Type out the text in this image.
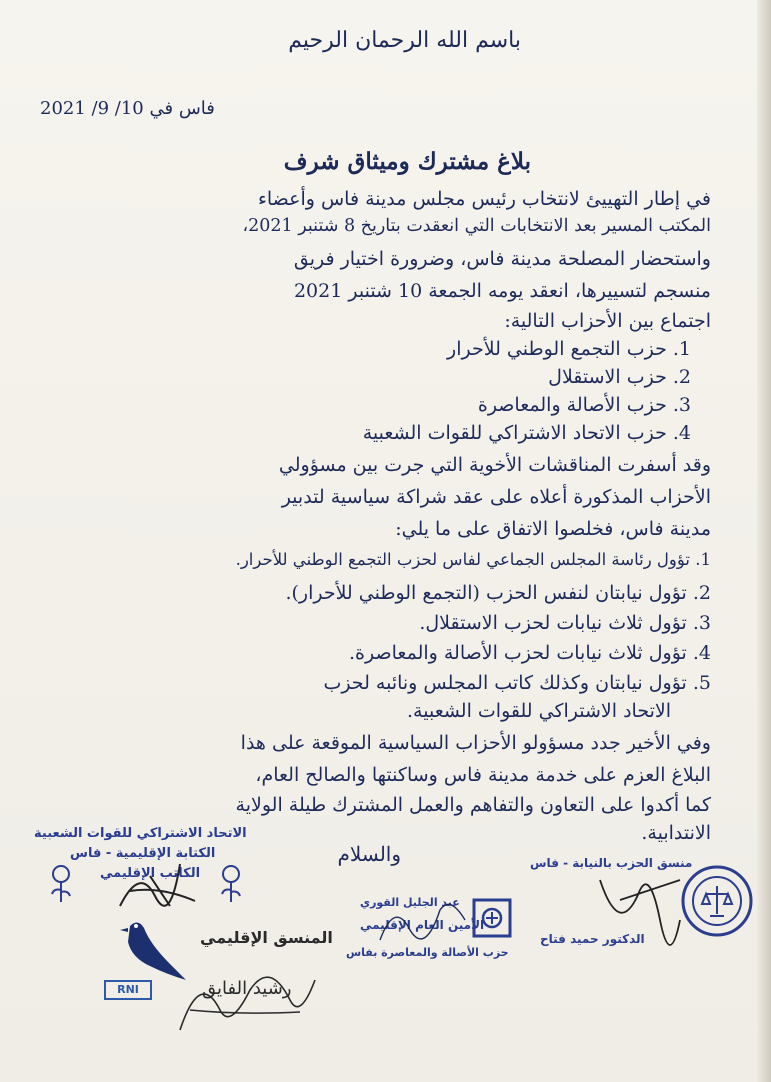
باسم الله الرحمان الرحيم
فاس في 10/ 9/ 2021
بلاغ مشترك وميثاق شرف
في إطار التهييئ لانتخاب رئيس مجلس مدينة فاس وأعضاء
المكتب المسير بعد الانتخابات التي انعقدت بتاريخ 8 شتنبر 2021،
واستحضار المصلحة مدينة فاس، وضرورة اختيار فريق
منسجم لتسييرها، انعقد يومه الجمعة 10 شتنبر 2021
اجتماع بين الأحزاب التالية:
1. حزب التجمع الوطني للأحرار
2. حزب الاستقلال
3. حزب الأصالة والمعاصرة
4. حزب الاتحاد الاشتراكي للقوات الشعبية
وقد أسفرت المناقشات الأخوية التي جرت بين مسؤولي
الأحزاب المذكورة أعلاه على عقد شراكة سياسية لتدبير
مدينة فاس، فخلصوا الاتفاق على ما يلي:
1. تؤول رئاسة المجلس الجماعي لفاس لحزب التجمع الوطني للأحرار.
2. تؤول نيابتان لنفس الحزب (التجمع الوطني للأحرار).
3. تؤول ثلاث نيابات لحزب الاستقلال.
4. تؤول ثلاث نيابات لحزب الأصالة والمعاصرة.
5. تؤول نيابتان وكذلك كاتب المجلس ونائبه لحزب
الاتحاد الاشتراكي للقوات الشعبية.
وفي الأخير جدد مسؤولو الأحزاب السياسية الموقعة على هذا
البلاغ العزم على خدمة مدينة فاس وساكنتها والصالح العام،
كما أكدوا على التعاون والتفاهم والعمل المشترك طيلة الولاية
الانتدابية.
والسلام
الاتحاد الاشتراكي للقوات الشعبية
الكتابة الإقليمية - فاس
الكاتب الإقليمي
المنسق الإقليمي
RNI	رشيد الفايق
عبد الجليل القوري
الأمين العام الإقليمي
حزب الأصالة والمعاصرة بفاس
منسق الحزب بالنيابة - فاس
الدكتور حميد فتاح
